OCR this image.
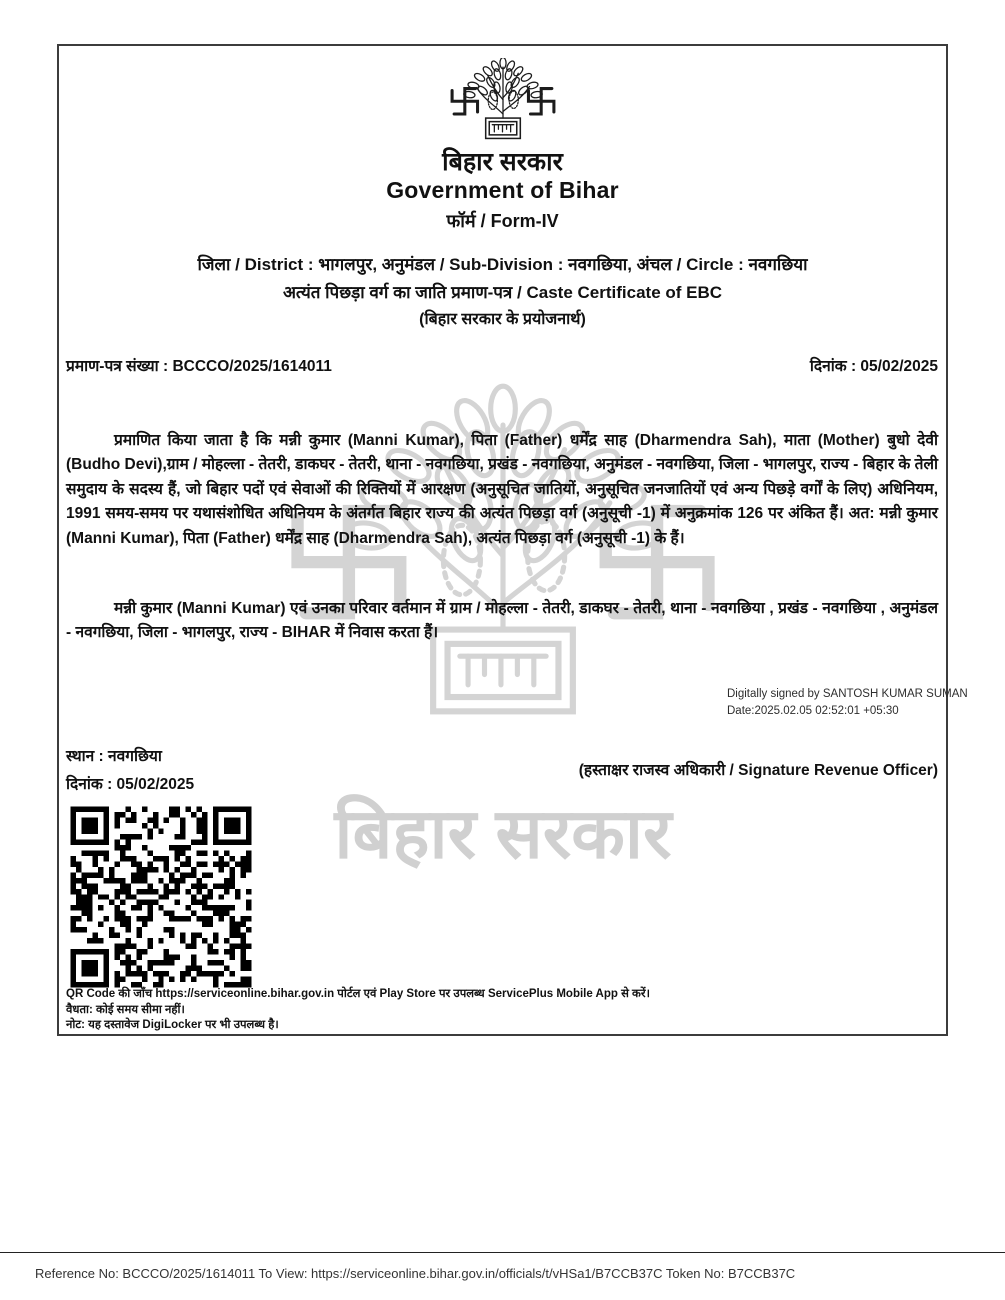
बिहार सरकार
बिहार सरकार
Government of Bihar
फॉर्म / Form-IV
जिला / District : भागलपुर, अनुमंडल / Sub-Division : नवगछिया, अंचल / Circle : नवगछिया
अत्यंत पिछड़ा वर्ग का जाति प्रमाण-पत्र / Caste Certificate of EBC
(बिहार सरकार के प्रयोजनार्थ)
प्रमाण-पत्र संख्या : BCCCO/2025/1614011	दिनांक : 05/02/2025

प्रमाणित किया जाता है कि मन्नी कुमार (Manni Kumar), पिता (Father) धर्मेंद्र साह (Dharmendra Sah), माता (Mother) बुधो देवी (Budho Devi),ग्राम / मोहल्ला - तेतरी, डाकघर - तेतरी, थाना - नवगछिया, प्रखंड - नवगछिया, अनुमंडल - नवगछिया, जिला - भागलपुर, राज्य - बिहार के तेली समुदाय के सदस्य हैं, जो बिहार पदों एवं सेवाओं की रिक्तियों में आरक्षण (अनुसूचित जातियों, अनुसूचित जनजातियों एवं अन्य पिछड़े वर्गों के लिए) अधिनियम, 1991 समय-समय पर यथासंशोधित अधिनियम के अंतर्गत बिहार राज्य की अत्यंत पिछड़ा वर्ग (अनुसूची -1) में अनुक्रमांक 126 पर अंकित हैं। अत: मन्नी कुमार (Manni Kumar), पिता (Father) धर्मेंद्र साह (Dharmendra Sah), अत्यंत पिछड़ा वर्ग (अनुसूची -1) के हैं।

मन्नी कुमार (Manni Kumar) एवं उनका परिवार वर्तमान में ग्राम / मोहल्ला - तेतरी, डाकघर - तेतरी, थाना - नवगछिया , प्रखंड - नवगछिया , अनुमंडल - नवगछिया, जिला - भागलपुर, राज्य - BIHAR में निवास करता हैं।

Digitally signed by SANTOSH KUMAR SUMAN
Date:2025.02.05 02:52:01 +05:30
स्थान : नवगछिया
दिनांक : 05/02/2025
(हस्ताक्षर राजस्व अधिकारी / Signature Revenue Officer)
QR Code की जाँच https://serviceonline.bihar.gov.in पोर्टल एवं Play Store पर उपलब्ध ServicePlus Mobile App से करें।
वैधता: कोई समय सीमा नहीं।
नोट: यह दस्तावेज DigiLocker पर भी उपलब्ध है।
Reference No: BCCCO/2025/1614011 To View: https://serviceonline.bihar.gov.in/officials/t/vHSa1/B7CCB37C Token No: B7CCB37C
